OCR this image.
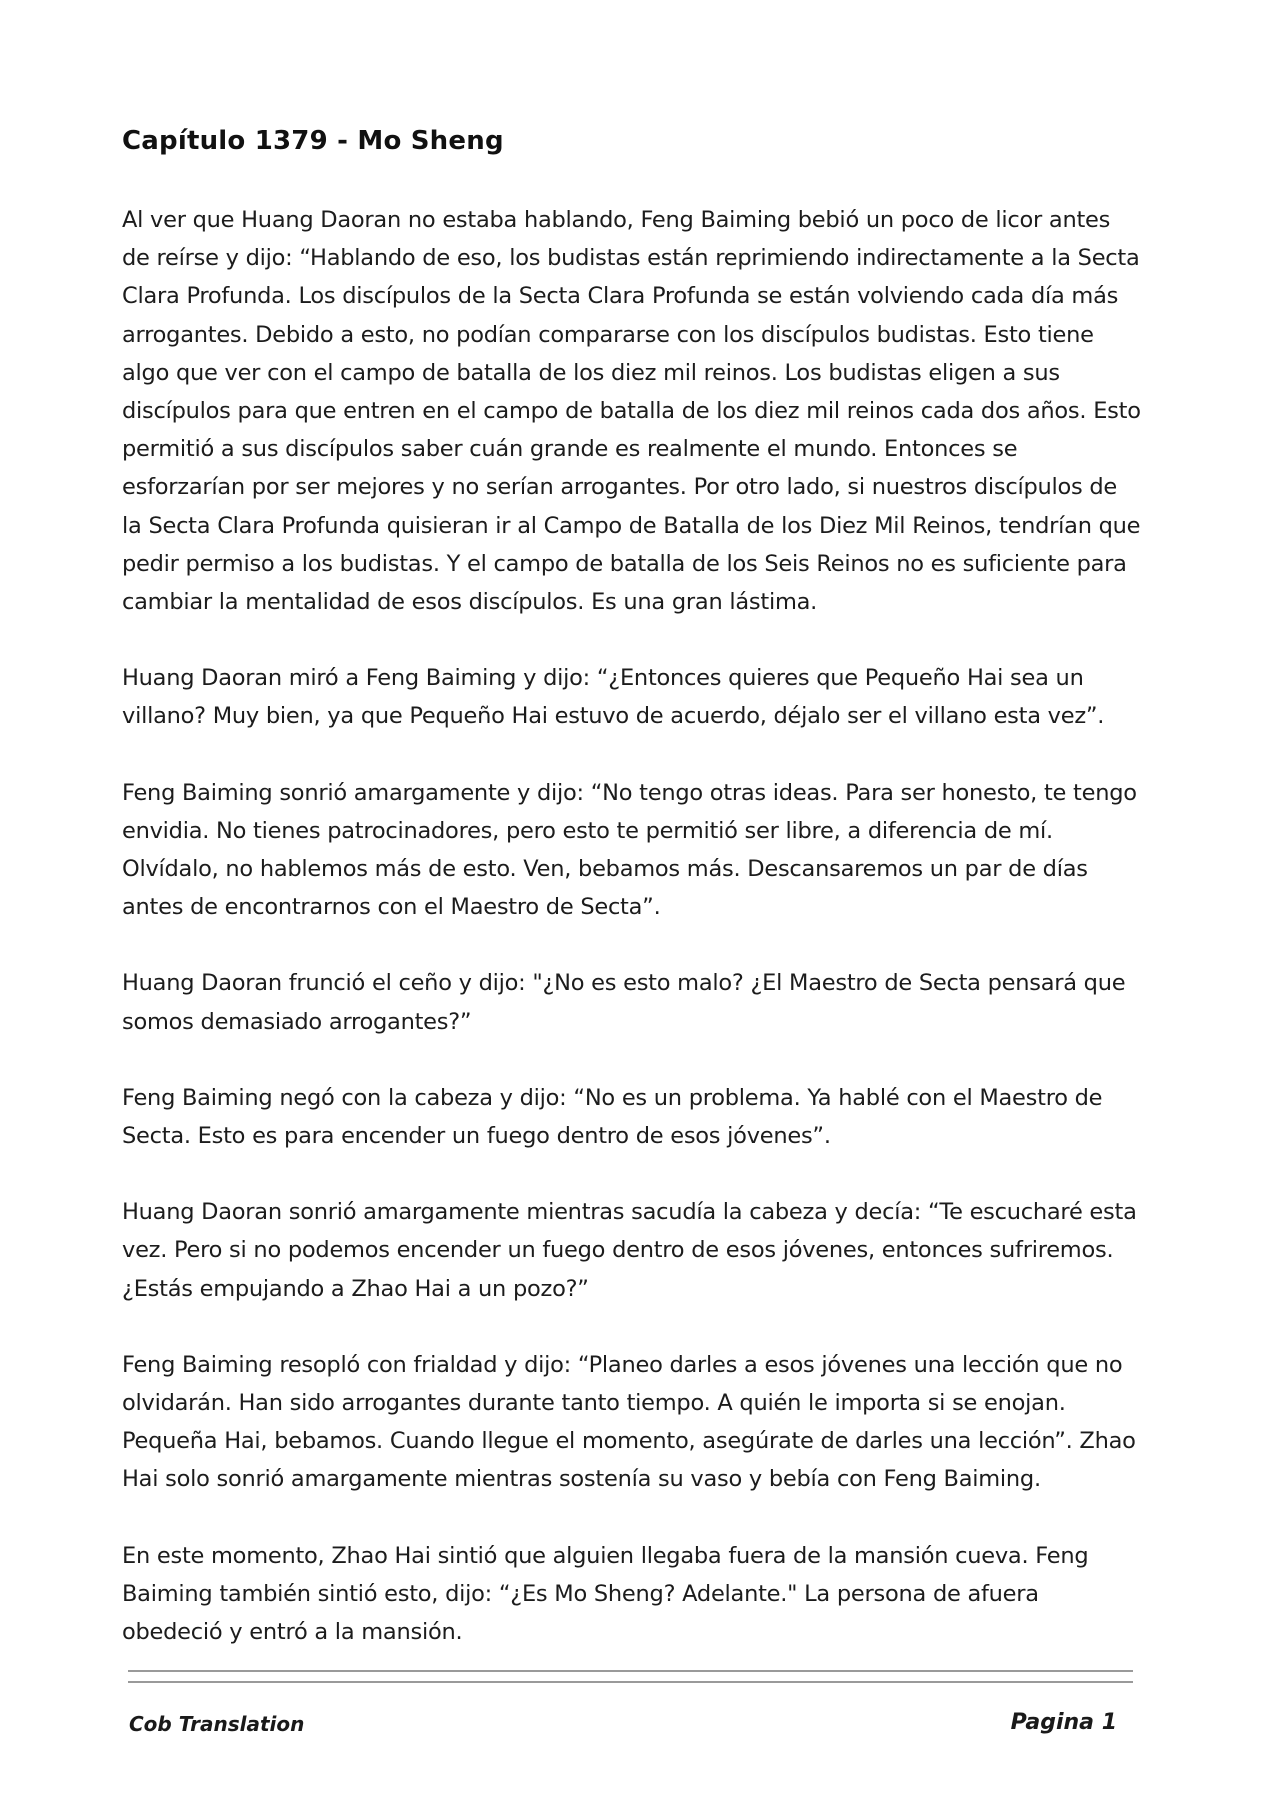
Capítulo 1379 - Mo Sheng

Al ver que Huang Daoran no estaba hablando, Feng Baiming bebió un poco de licor antes de reírse y dijo: “Hablando de eso, los budistas están reprimiendo indirectamente a la Secta Clara Profunda. Los discípulos de la Secta Clara Profunda se están volviendo cada día más arrogantes. Debido a esto, no podían compararse con los discípulos budistas. Esto tiene algo que ver con el campo de batalla de los diez mil reinos. Los budistas eligen a sus discípulos para que entren en el campo de batalla de los diez mil reinos cada dos años. Esto permitió a sus discípulos saber cuán grande es realmente el mundo. Entonces se esforzarían por ser mejores y no serían arrogantes. Por otro lado, si nuestros discípulos de la Secta Clara Profunda quisieran ir al Campo de Batalla de los Diez Mil Reinos, tendrían que pedir permiso a los budistas. Y el campo de batalla de los Seis Reinos no es suficiente para cambiar la mentalidad de esos discípulos. Es una gran lástima.

Huang Daoran miró a Feng Baiming y dijo: “¿Entonces quieres que Pequeño Hai sea un villano? Muy bien, ya que Pequeño Hai estuvo de acuerdo, déjalo ser el villano esta vez”.

Feng Baiming sonrió amargamente y dijo: “No tengo otras ideas. Para ser honesto, te tengo envidia. No tienes patrocinadores, pero esto te permitió ser libre, a diferencia de mí. Olvídalo, no hablemos más de esto. Ven, bebamos más. Descansaremos un par de días antes de encontrarnos con el Maestro de Secta”.

Huang Daoran frunció el ceño y dijo: "¿No es esto malo? ¿El Maestro de Secta pensará que somos demasiado arrogantes?”

Feng Baiming negó con la cabeza y dijo: “No es un problema. Ya hablé con el Maestro de Secta. Esto es para encender un fuego dentro de esos jóvenes”.

Huang Daoran sonrió amargamente mientras sacudía la cabeza y decía: “Te escucharé esta vez. Pero si no podemos encender un fuego dentro de esos jóvenes, entonces sufriremos. ¿Estás empujando a Zhao Hai a un pozo?”

Feng Baiming resopló con frialdad y dijo: “Planeo darles a esos jóvenes una lección que no olvidarán. Han sido arrogantes durante tanto tiempo. A quién le importa si se enojan. Pequeña Hai, bebamos. Cuando llegue el momento, asegúrate de darles una lección”. Zhao Hai solo sonrió amargamente mientras sostenía su vaso y bebía con Feng Baiming.

En este momento, Zhao Hai sintió que alguien llegaba fuera de la mansión cueva. Feng Baiming también sintió esto, dijo: “¿Es Mo Sheng? Adelante." La persona de afuera obedeció y entró a la mansión.

Cob Translation	Pagina 1
